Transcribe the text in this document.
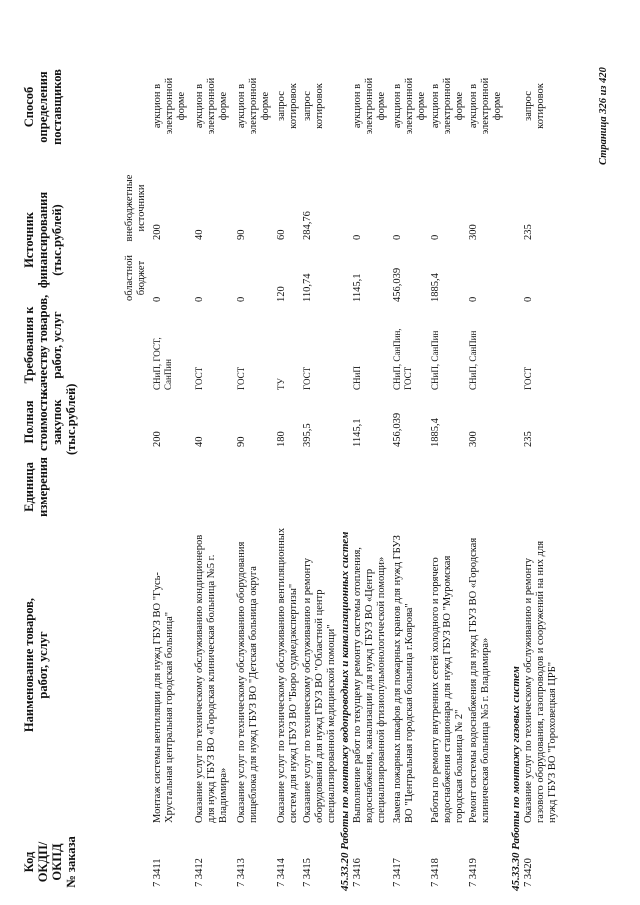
Код ОКДП/ ОКПД № заказа
Наименование товаров, работ, услуг
Единица измерения
Полная стоимость закупок (тыс.рублей)
Требования к качеству товаров, работ, услуг
Источник финансирования (тыс.рублей)
областной бюджет
внебюджетные источники
Способ определения поставщиков
7 3411
Монтаж системы вентиляции для нужд ГБУЗ ВО "Гусь-Хрустальная центральная городская больница"
200
СНиП, ГОСТ, СанПин
0
200
аукцион в электронной форме
7 3412
Оказание услуг по техническому обслуживанию кондиционеров для нужд ГБУЗ ВО «Городская клиническая больница №5 г. Владимира»
40
ГОСТ
0
40
аукцион в электронной форме
7 3413
Оказание услуг по техническому обслуживанию оборудования пищеблока для нужд ГБУЗ ВО "Детская больница округа
90
ГОСТ
0
90
аукцион в электронной форме
7 3414
Оказание услуг по техническому обслуживанию вентиляционных систем для нужд ГБУЗ ВО "Бюро судмедэкспертизы"
180
ТУ
120
60
запрос котировок
7 3415
Оказание услуг по техническому обслуживанию и ремонту оборудования для нужд ГБУЗ ВО "Областной центр специализированной медицинской помощи"
395,5
ГОСТ
110,74
284,76
запрос котировок
45.33.20 Работы по монтажу водопроводных и канализационных систем 7 3416
Выполнение работ по текущему ремонту системы отопления, водоснабжения, канализации для нужд ГБУЗ ВО «Центр специализированной фтизиопульмонологической помощи»
1145,1
СНиП
1145,1
0
аукцион в электронной форме
7 3417
Замена пожарных шкафов для пожарных кранов для нужд ГБУЗ ВО "Центральная городская больница г.Коврова"
456,039
СНиП, СанПин, ГОСТ
456,039
0
аукцион в электронной форме
7 3418
Работы по ремонту внутренних сетей холодного и горячего водоснабжения стационара для нужд ГБУЗ ВО "Муромская городская больница № 2"
1885,4
СНиП, СанПин
1885,4
0
аукцион в электронной форме
7 3419
Ремонт системы водоснабжения для нужд ГБУЗ ВО «Городская клиническая больница №5 г. Владимира»
300
СНиП, СанПин
0
300
аукцион в электронной форме
45.33.30 Работы по монтажу газовых систем 7 3420
Оказание услуг по техническому обслуживанию и ремонту газового оборудования, газопроводов и сооружений на них для нужд ГБУЗ ВО "Гороховецкая ЦРБ"
235
ГОСТ
0
235
запрос котировок	Страница 326 из 420
